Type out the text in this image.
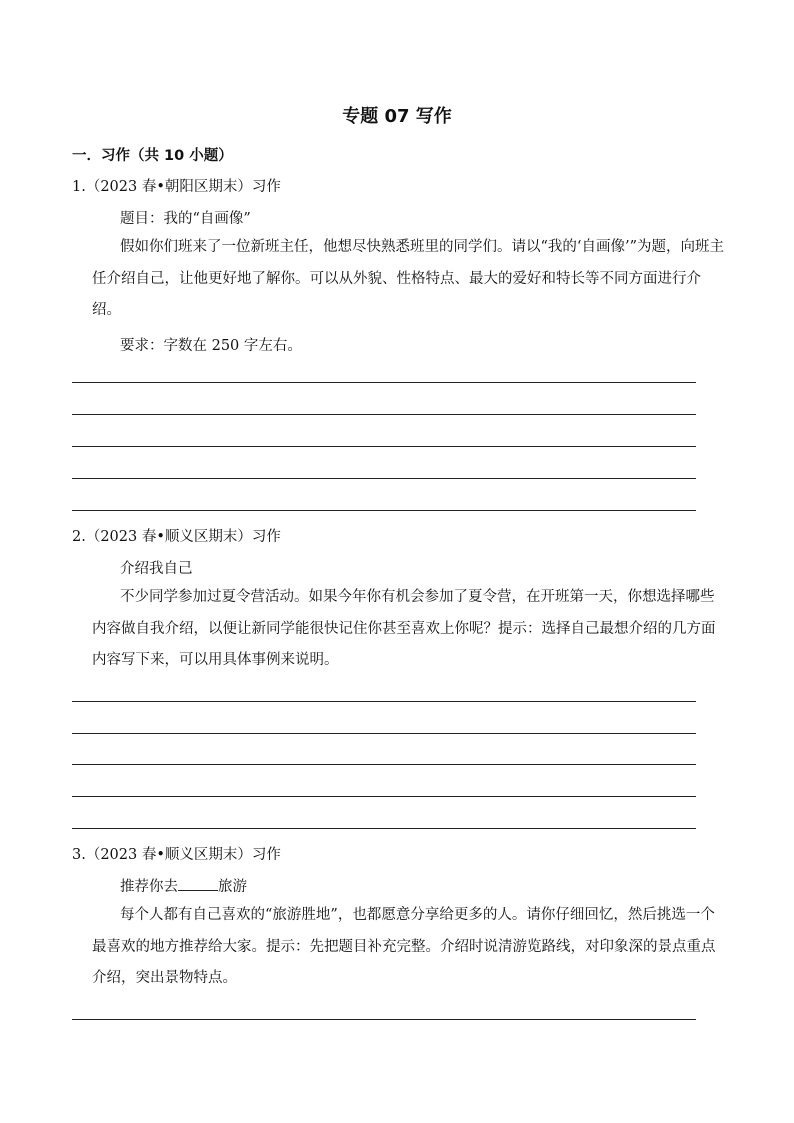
专题 07 写作
一．习作（共 10 小题）
1.（2023 春•朝阳区期末）习作
题目：我的“自画像”
假如你们班来了一位新班主任，他想尽快熟悉班里的同学们。请以“我的‘自画像’”为题，向班主任介绍自己，让他更好地了解你。可以从外貌、性格特点、最大的爱好和特长等不同方面进行介绍。
要求：字数在 250 字左右。
2.（2023 春•顺义区期末）习作
介绍我自己
不少同学参加过夏令营活动。如果今年你有机会参加了夏令营，在开班第一天，你想选择哪些内容做自我介绍，以便让新同学能很快记住你甚至喜欢上你呢？提示：选择自己最想介绍的几方面内容写下来，可以用具体事例来说明。
3.（2023 春•顺义区期末）习作
推荐你去	旅游
每个人都有自己喜欢的“旅游胜地”，也都愿意分享给更多的人。请你仔细回忆，然后挑选一个最喜欢的地方推荐给大家。提示：先把题目补充完整。介绍时说清游览路线，对印象深的景点重点介绍，突出景物特点。
